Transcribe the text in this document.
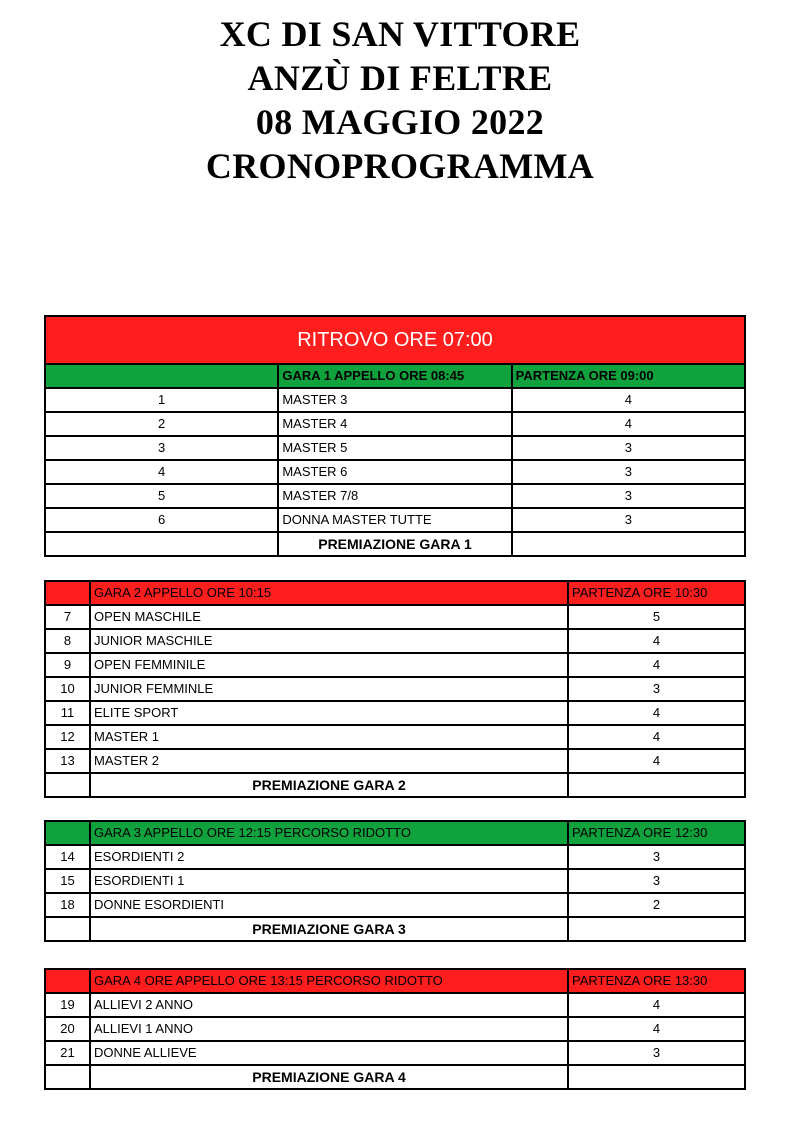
XC DI SAN VITTORE
ANZÙ DI FELTRE
08 MAGGIO 2022
CRONOPROGRAMMA
RITROVO ORE 07:00		
	GARA 1 APPELLO ORE 08:45	PARTENZA ORE 09:00
1	MASTER 3	4
2	MASTER 4	4
3	MASTER 5	3
4	MASTER 6	3
5	MASTER 7/8	3
6	DONNA MASTER TUTTE	3
	PREMIAZIONE GARA 1	
	GARA 2 APPELLO ORE 10:15	PARTENZA ORE 10:30
7	OPEN MASCHILE	5
8	JUNIOR MASCHILE	4
9	OPEN FEMMINILE	4
10	JUNIOR FEMMINLE	3
11	ELITE SPORT	4
12	MASTER 1	4
13	MASTER 2	4
	PREMIAZIONE GARA 2	
	GARA 3 APPELLO ORE 12:15 PERCORSO RIDOTTO	PARTENZA ORE 12:30
14	ESORDIENTI 2	3
15	ESORDIENTI 1	3
18	DONNE ESORDIENTI	2
	PREMIAZIONE GARA 3	
	GARA 4 ORE APPELLO ORE 13:15 PERCORSO RIDOTTO	PARTENZA ORE 13:30
19	ALLIEVI 2 ANNO	4
20	ALLIEVI 1 ANNO	4
21	DONNE ALLIEVE	3
	PREMIAZIONE GARA 4	
